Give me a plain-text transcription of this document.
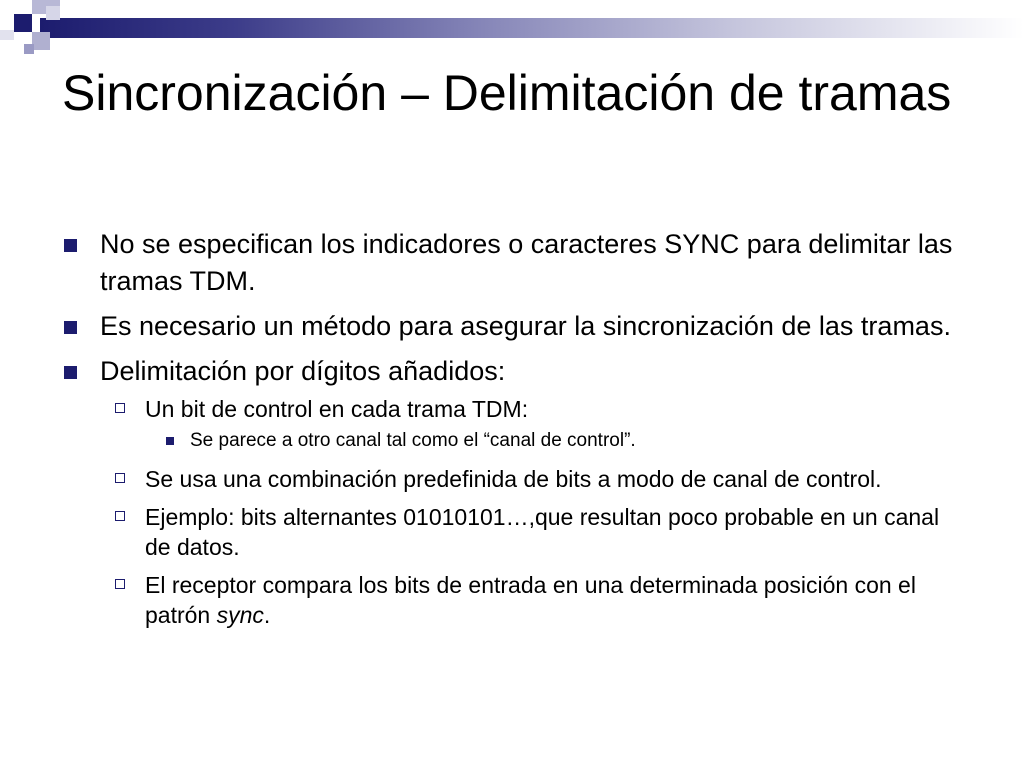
Sincronización – Delimitación de tramas
No se especifican los indicadores o caracteres SYNC para delimitar las tramas TDM.
Es necesario un método para asegurar la sincronización de las tramas.
Delimitación por dígitos añadidos:
Un bit de control en cada trama TDM:
Se parece a otro canal tal como el “canal de control”.
Se usa una combinación predefinida de bits a modo de canal de control.
Ejemplo: bits alternantes 01010101…,que resultan poco probable en un canal de datos.
El receptor compara los bits de entrada en una determinada posición con el patrón sync.
